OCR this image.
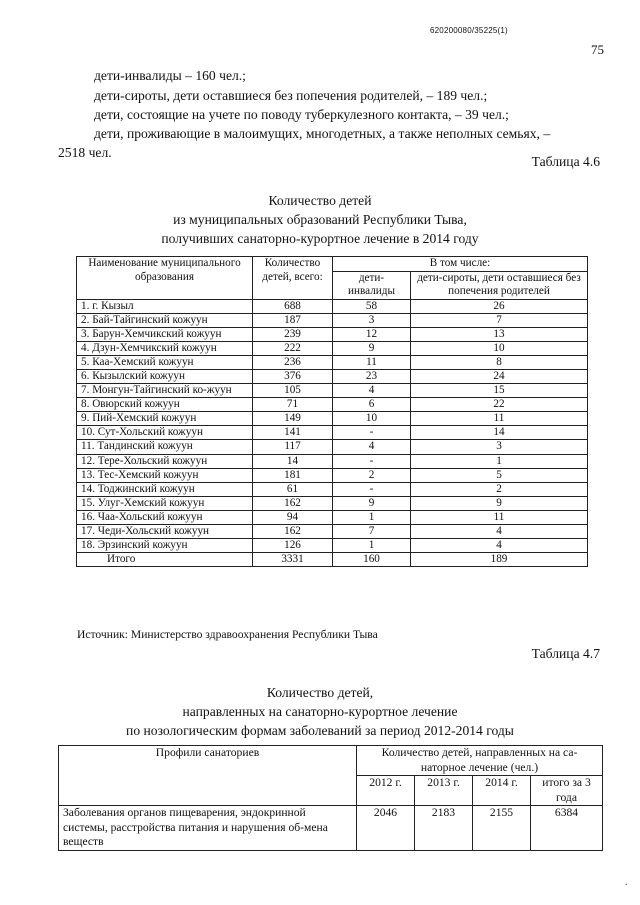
620200080/35225(1)
75
дети-инвалиды – 160 чел.;
дети-сироты, дети оставшиеся без попечения родителей, – 189 чел.;
дети, состоящие на учете по поводу туберкулезного контакта, – 39 чел.;
дети, проживающие в малоимущих, многодетных, а также неполных семьях, –
2518 чел.
Таблица 4.6
Количество детей
из муниципальных образований Республики Тыва,
получивших санаторно-курортное лечение в 2014 году
Наименование муниципального образования	Количество детей, всего:	В том числе:	
		дети-инвалиды	дети-сироты, дети оставшиеся без попечения родителей
1. г. Кызыл	688	58	26
2. Бай-Тайгинский кожуун	187	3	7
3. Барун-Хемчикский кожуун	239	12	13
4. Дзун-Хемчикский кожуун	222	9	10
5. Каа-Хемский кожуун	236	11	8
6. Кызылский кожуун	376	23	24
7. Монгун-Тайгинский ко-жуун	105	4	15
8. Овюрский кожуун	71	6	22
9. Пий-Хемский кожуун	149	10	11
10. Сут-Хольский кожуун	141	-	14
11. Тандинский кожуун	117	4	3
12. Тере-Хольский кожуун	14	-	1
13. Тес-Хемский кожуун	181	2	5
14. Тоджинский кожуун	61	-	2
15. Улуг-Хемский кожуун	162	9	9
16. Чаа-Хольский кожуун	94	1	11
17. Чеди-Хольский кожуун	162	7	4
18. Эрзинский кожуун	126	1	4
Итого	3331	160	189
Источник: Министерство здравоохранения Республики Тыва
Таблица 4.7
Количество детей,
направленных на санаторно-курортное лечение
по нозологическим формам заболеваний за период 2012-2014 годы
Профили санаториев	Количество детей, направленных на са-наторное лечение (чел.)			
	2012 г.	2013 г.	2014 г.	итого за 3 года
Заболевания органов пищеварения, эндокринной системы, расстройства питания и нарушения об-мена веществ	2046	2183	2155	6384
·
